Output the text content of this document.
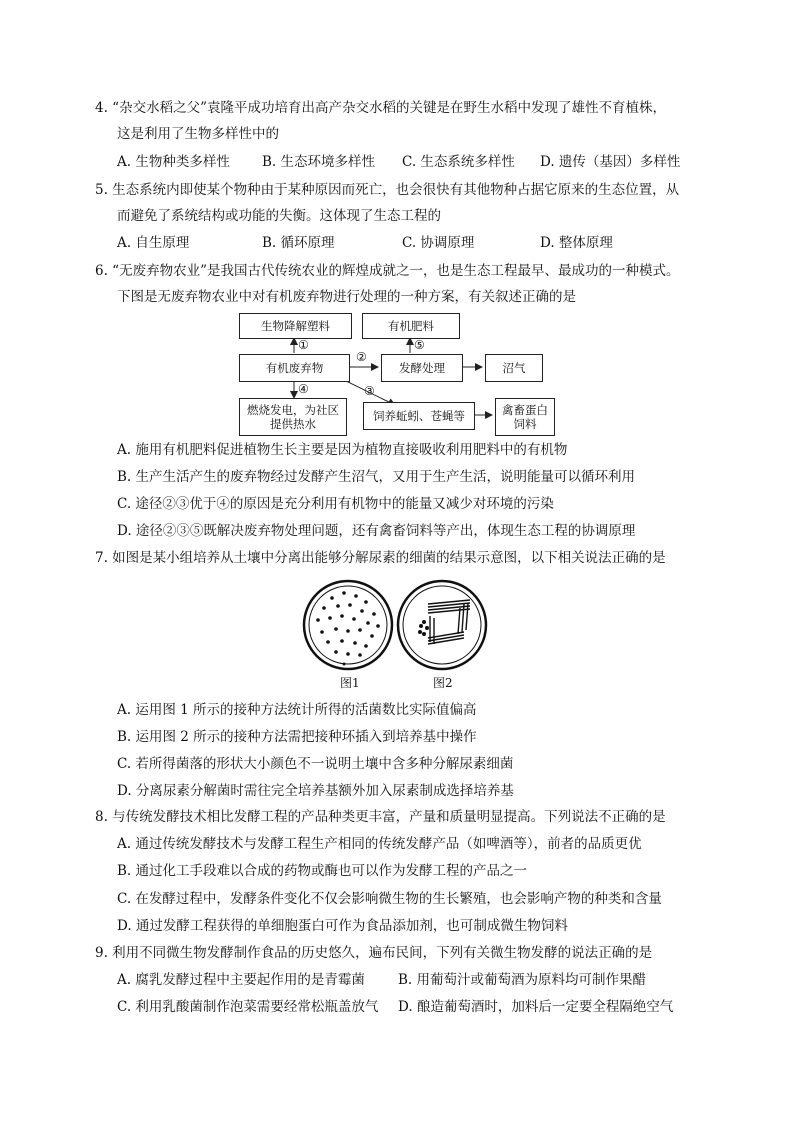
4. “杂交水稻之父”袁隆平成功培育出高产杂交水稻的关键是在野生水稻中发现了雄性不育植株，
这是利用了生物多样性中的
A. 生物种类多样性 B. 生态环境多样性 C. 生态系统多样性 D. 遗传（基因）多样性
5. 生态系统内即使某个物种由于某种原因而死亡，也会很快有其他物种占据它原来的生态位置，从
而避免了系统结构或功能的失衡。这体现了生态工程的
A. 自生原理	B. 循环原理	C. 协调原理	D. 整体原理
6. “无废弃物农业”是我国古代传统农业的辉煌成就之一，也是生态工程最早、最成功的一种模式。
下图是无废弃物农业中对有机废弃物进行处理的一种方案，有关叙述正确的是
生物降解塑料	有机肥料
有机废弃物	发酵处理	沼气
燃烧发电，为社区
提供热水
饲养蚯蚓、苍蝇等	禽畜蛋白
饲料
①
②
③
④
⑤
A. 施用有机肥料促进植物生长主要是因为植物直接吸收利用肥料中的有机物
B. 生产生活产生的废弃物经过发酵产生沼气，又用于生产生活，说明能量可以循环利用
C. 途径②③优于④的原因是充分利用有机物中的能量又减少对环境的污染
D. 途径②③⑤既解决废弃物处理问题，还有禽畜饲料等产出，体现生态工程的协调原理
7. 如图是某小组培养从土壤中分离出能够分解尿素的细菌的结果示意图，以下相关说法正确的是
图1	图2
A. 运用图 1 所示的接种方法统计所得的活菌数比实际值偏高
B. 运用图 2 所示的接种方法需把接种环插入到培养基中操作
C. 若所得菌落的形状大小颜色不一说明土壤中含多种分解尿素细菌
D. 分离尿素分解菌时需往完全培养基额外加入尿素制成选择培养基
8. 与传统发酵技术相比发酵工程的产品种类更丰富，产量和质量明显提高。下列说法不正确的是
A. 通过传统发酵技术与发酵工程生产相同的传统发酵产品（如啤酒等），前者的品质更优
B. 通过化工手段难以合成的药物或酶也可以作为发酵工程的产品之一
C. 在发酵过程中，发酵条件变化不仅会影响微生物的生长繁殖，也会影响产物的种类和含量
D. 通过发酵工程获得的单细胞蛋白可作为食品添加剂，也可制成微生物饲料
9. 利用不同微生物发酵制作食品的历史悠久，遍布民间，下列有关微生物发酵的说法正确的是
A. 腐乳发酵过程中主要起作用的是青霉菌 B. 用葡萄汁或葡萄酒为原料均可制作果醋
C. 利用乳酸菌制作泡菜需要经常松瓶盖放气 D. 酿造葡萄酒时，加料后一定要全程隔绝空气
